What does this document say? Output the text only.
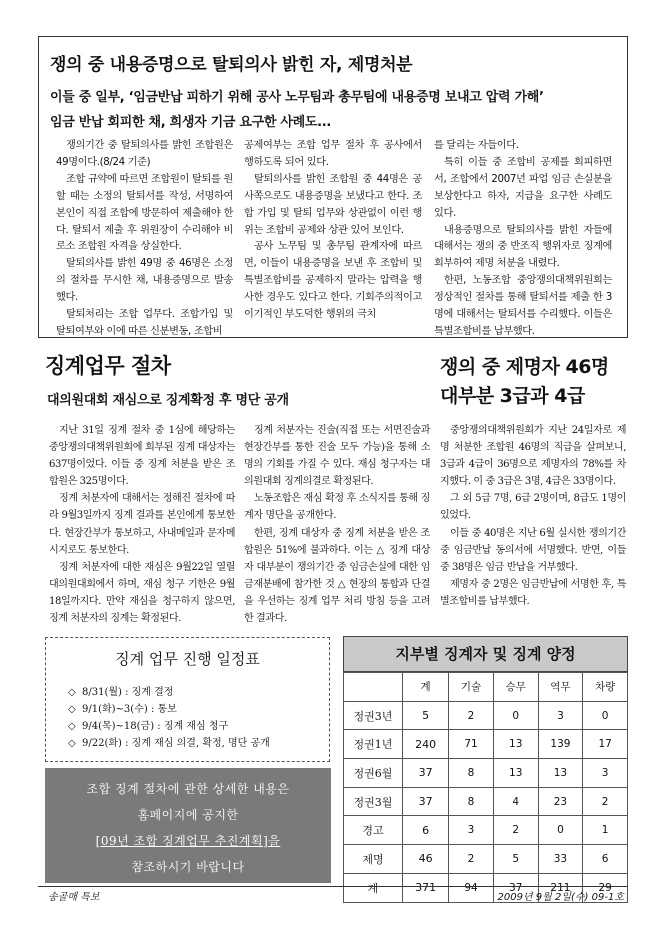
쟁의 중 내용증명으로 탈퇴의사 밝힌 자, 제명처분
이들 중 일부, ‘임금반납 피하기 위해 공사 노무팀과 총무팀에 내용증명 보내고 압력 가해’
임금 반납 회피한 채, 희생자 기금 요구한 사례도...

쟁의기간 중 탈퇴의사를 밝힌 조합원은 49명이다.(8/24 기준)

조합 규약에 따르면 조합원이 탈퇴를 원할 때는 소정의 탈퇴서를 작성, 서명하여 본인이 직접 조합에 방문하여 제출해야 한다. 탈퇴서 제출 후 위원장이 수리해야 비로소 조합원 자격을 상실한다.

탈퇴의사를 밝힌 49명 중 46명은 소정의 절차를 무시한 채, 내용증명으로 발송했다.

탈퇴처리는 조합 업무다. 조합가입 및 탈퇴여부와 이에 따른 신분변동, 조합비

공제여부는 조합 업무 절차 후 공사에서 행하도록 되어 있다.

탈퇴의사를 밝힌 조합원 중 44명은 공사쪽으로도 내용증명을 보냈다고 한다. 조합 가입 및 탈퇴 업무와 상관없이 이런 행위는 조합비 공제와 상관 있어 보인다.

공사 노무팀 및 총무팀 관계자에 따르면, 이들이 내용증명을 보낸 후 조합비 및 특별조합비를 공제하지 말라는 압력을 행사한 경우도 있다고 한다. 기회주의적이고 이기적인 부도덕한 행위의 극치

를 달리는 자들이다.

특히 이들 중 조합비 공제를 회피하면서, 조합에서 2007년 파업 임금 손실분을 보상한다고 하자, 지급을 요구한 사례도 있다.

내용증명으로 탈퇴의사를 밝힌 자들에 대해서는 쟁의 중 반조직 행위자로 징계에 회부하여 제명 처분을 내렸다.

한편, 노동조합 중앙쟁의대책위원회는 정상적인 절차를 통해 탈퇴서를 제출 한 3명에 대해서는 탈퇴서를 수리했다. 이들은 특별조합비를 납부했다.

징계업무 절차
대의원대회 재심으로 징계확정 후 명단 공개
쟁의 중 제명자 46명
대부분 3급과 4급

지난 31일 징계 절차 중 1심에 해당하는 중앙쟁의대책위원회에 회부된 징계 대상자는 637명이었다. 이들 중 징계 처분을 받은 조합원은 325명이다.

징계 처분자에 대해서는 정해진 절차에 따라 9월3일까지 징계 결과를 본인에게 통보한다. 현장간부가 통보하고, 사내메일과 문자메시지로도 통보한다.

징계 처분자에 대한 재심은 9월22일 열릴 대의원대회에서 하며, 재심 청구 기한은 9월18일까지다. 만약 재심을 청구하지 않으면, 징계 처분자의 징계는 확정된다.

징계 처분자는 진술(직접 또는 서면진술과 현장간부를 통한 진술 모두 가능)을 통해 소명의 기회를 가질 수 있다. 재심 청구자는 대의원대회 징계의결로 확정된다.

노동조합은 재심 확정 후 소식지를 통해 징계자 명단을 공개한다.

한편, 징계 대상자 중 징계 처분을 받은 조합원은 51%에 불과하다. 이는 △ 징계 대상자 대부분이 쟁의기간 중 임금손실에 대한 임금재분배에 참가한 것 △ 현장의 통합과 단결을 우선하는 징계 업무 처리 방침 등을 고려한 결과다.

중앙쟁의대책위원회가 지난 24일자로 제명 처분한 조합원 46명의 직급을 살펴보니, 3급과 4급이 36명으로 제명자의 78%를 차지했다. 이 중 3급은 3명, 4급은 33명이다.

그 외 5급 7명, 6급 2명이며, 8급도 1명이 있었다.

이들 중 40명은 지난 6월 실시한 쟁의기간 중 임금반납 동의서에 서명했다. 반면, 이들 중 38명은 임금 반납을 거부했다.

제명자 중 2명은 임금반납에 서명한 후, 특별조합비를 납부했다.

징계 업무 진행 일정표
◇ 8/31(월) : 징계 결정
◇ 9/1(화)~3(수) : 통보
◇ 9/4(목)~18(금) : 징계 재심 청구
◇ 9/22(화) : 징계 재심 의결, 확정, 명단 공개
조합 징계 절차에 관한 상세한 내용은
홈페이지에 공지한
[09년 조합 징계업무 추진계획]을
참조하시기 바랍니다
지부별 징계자 및 징계 양정
	계	기술	승무	역무	차량
정권3년	5	2	0	3	0
정권1년	240	71	13	139	17
정권6월	37	8	13	13	3
정권3월	37	8	4	23	2
경고	6	3	2	0	1
제명	46	2	5	33	6
계	371	94	37	211	29
송골매 특보	2009년 9월 2일(수) 09-1호
